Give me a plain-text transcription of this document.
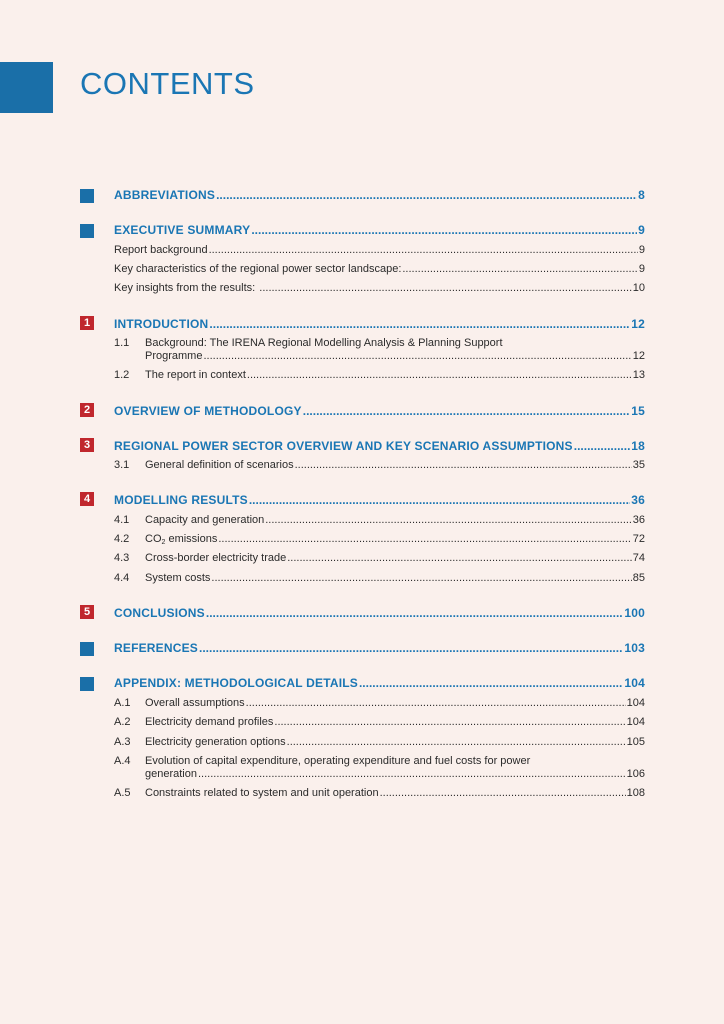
CONTENTS
ABBREVIATIONS .....	8
EXECUTIVE SUMMARY .....	9
Report background .....	9
Key characteristics of the regional power sector landscape: .....	9
Key insights from the results: .....	10
1	INTRODUCTION .....	12
1.1	Background: The IRENA Regional Modelling Analysis & Planning Support
Programme .....	12
1.2	The report in context .....	13
2	OVERVIEW OF METHODOLOGY .....	15
3	REGIONAL POWER SECTOR OVERVIEW AND KEY SCENARIO ASSUMPTIONS .....	18
3.1	General definition of scenarios .....	35
4	MODELLING RESULTS .....	36
4.1	Capacity and generation .....	36
4.2	$CO_2$ emissions .....	72
4.3	Cross-border electricity trade .....	74
4.4	System costs .....	85
5	CONCLUSIONS .....	100
REFERENCES .....	103
APPENDIX: METHODOLOGICAL DETAILS .....	104
A.1	Overall assumptions .....	104
A.2	Electricity demand profiles .....	104
A.3	Electricity generation options .....	105
A.4	Evolution of capital expenditure, operating expenditure and fuel costs for power
generation .....	106
A.5	Constraints related to system and unit operation .....	108
